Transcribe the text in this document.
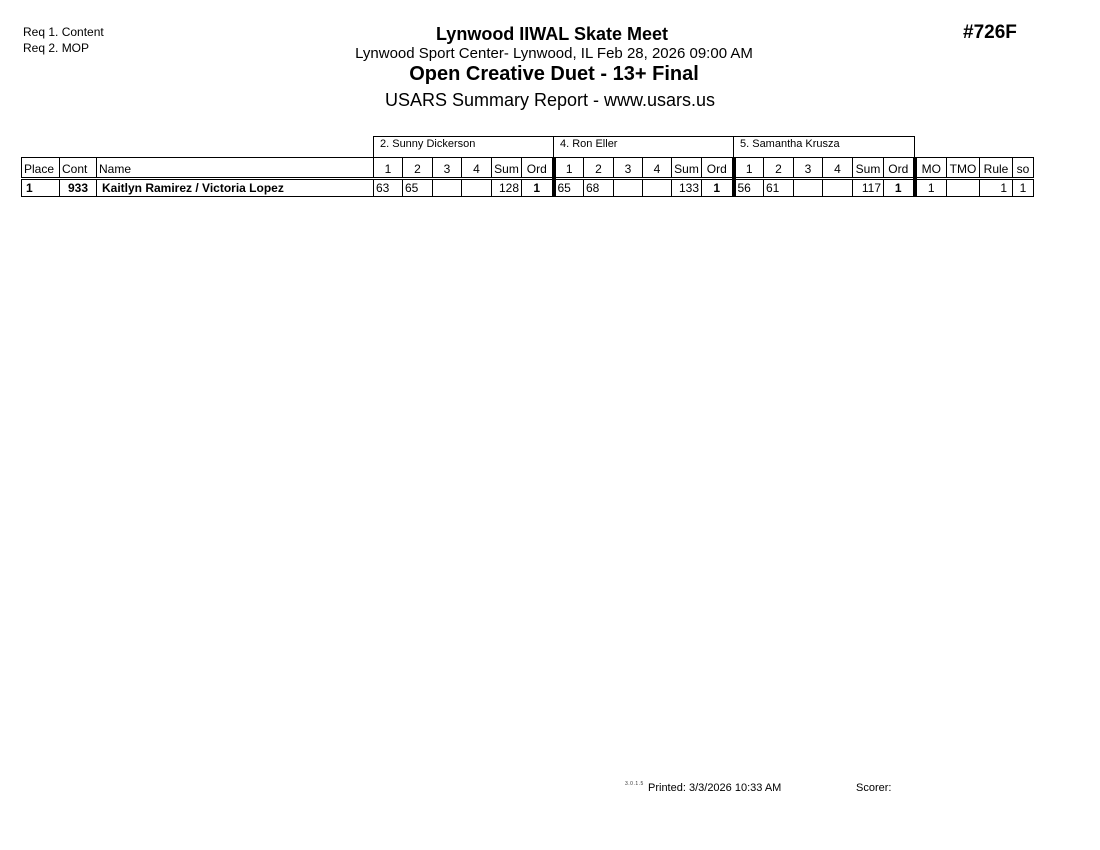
Req 1. Content
Req 2. MOP
Lynwood IIWAL Skate Meet
Lynwood Sport Center- Lynwood, IL Feb 28, 2026 09:00 AM
Open Creative Duet - 13+ Final
USARS Summary Report - www.usars.us
#726F
2. Sunny Dickerson	4. Ron Eller	5. Samantha Krusza
Place	Cont	Name	1	2	3	4	Sum	Ord	1	2	3	4	Sum	Ord	1	2	3	4	Sum	Ord	MO	TMO	Rule	so
1	933	Kaitlyn Ramirez / Victoria Lopez	63	65			128	1	65	68			133	1	56	61			117	1	1		1	1
3.0.1.5 Printed: 3/3/2026 10:33 AM	Scorer:
